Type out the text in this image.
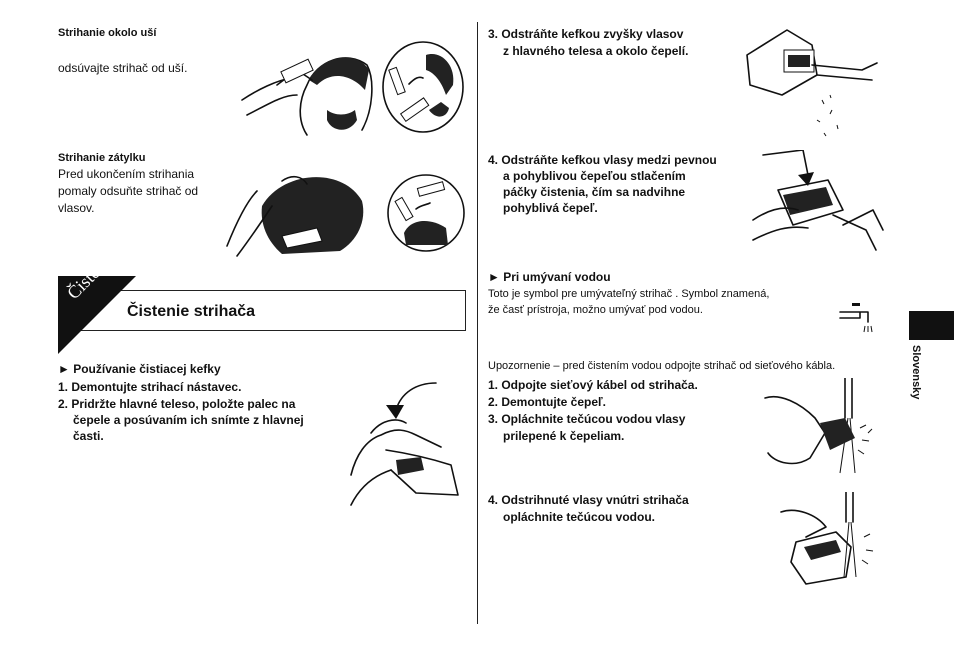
Strihanie okolo uší
odsúvajte strihač od uší.
Strihanie zátylku
Pred ukončením strihania
pomaly odsuňte strihač od
vlasov.
Čistenie
Čistenie strihača
► Používanie čistiacej kefky
1. Demontujte strihací nástavec.
2. Pridržte hlavné teleso, položte palec na
čepele a posúvaním ich snímte z hlavnej
časti.
3. Odstráňte kefkou zvyšky vlasov
z hlavného telesa a okolo čepelí.
4. Odstráňte kefkou vlasy medzi pevnou
a pohyblivou čepeľou stlačením
páčky čistenia, čím sa nadvihne
pohyblivá čepeľ.
► Pri umývaní vodou
Toto je symbol pre umývateľný strihač . Symbol znamená,
že časť prístroja, možno umývať pod vodou.
Upozornenie – pred čistením vodou odpojte strihač od sieťového kábla.
1. Odpojte sieťový kábel od strihača.
2. Demontujte čepeľ.
3. Opláchnite tečúcou vodou vlasy
prilepené k čepeliam.
4. Odstrihnuté vlasy vnútri strihača
opláchnite tečúcou vodou.
Slovensky
